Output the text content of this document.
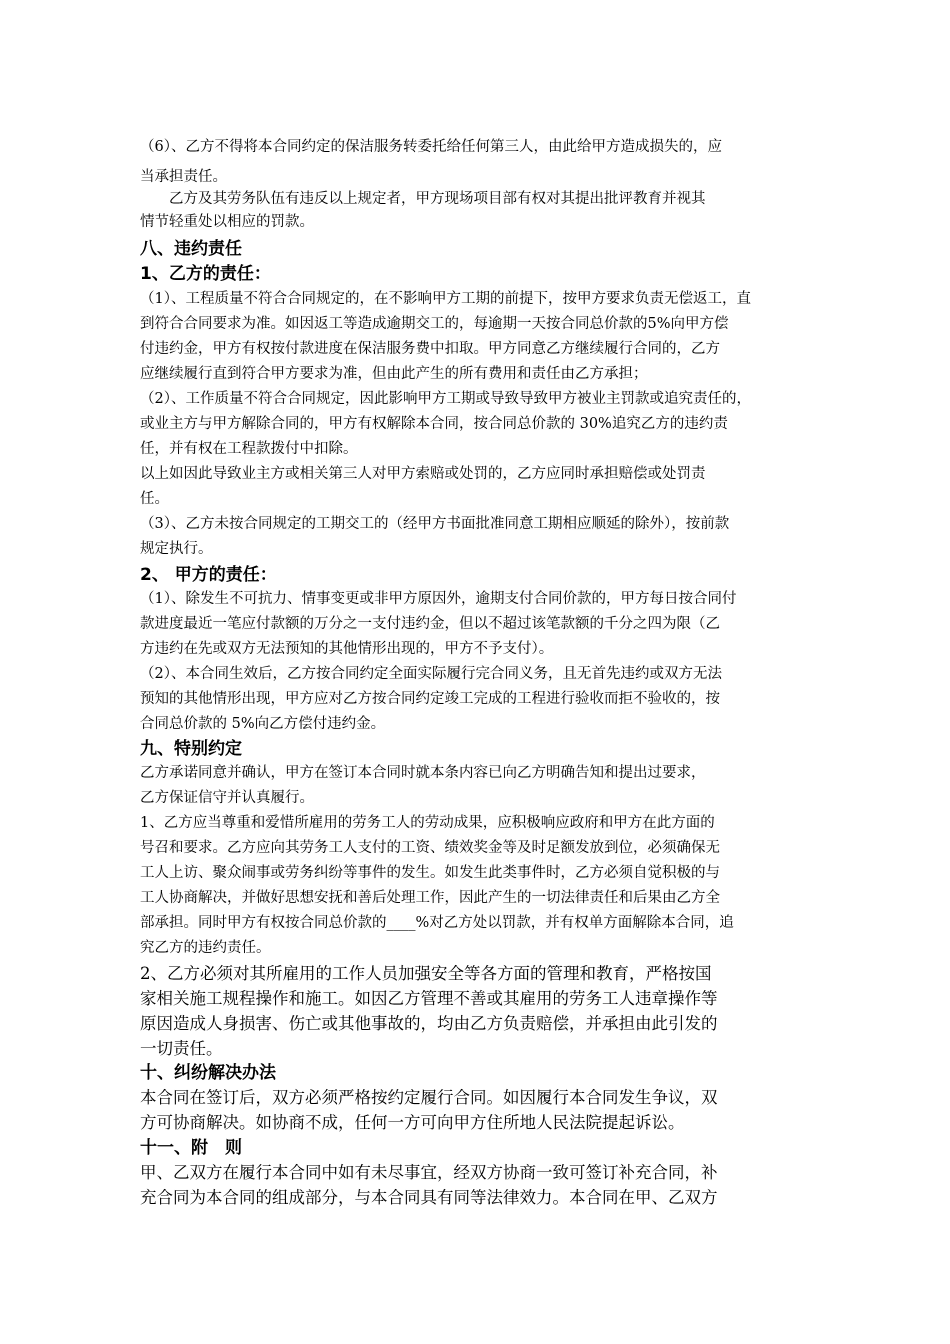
（6）、乙方不得将本合同约定的保洁服务转委托给任何第三人，由此给甲方造成损失的，应
当承担责任。
　　乙方及其劳务队伍有违反以上规定者，甲方现场项目部有权对其提出批评教育并视其
情节轻重处以相应的罚款。
八、违约责任
1、乙方的责任：
（1）、工程质量不符合合同规定的，在不影响甲方工期的前提下，按甲方要求负责无偿返工，直
到符合合同要求为准。如因返工等造成逾期交工的，每逾期一天按合同总价款的5%向甲方偿
付违约金，甲方有权按付款进度在保洁服务费中扣取。甲方同意乙方继续履行合同的，乙方
应继续履行直到符合甲方要求为准，但由此产生的所有费用和责任由乙方承担；
（2）、工作质量不符合合同规定，因此影响甲方工期或导致导致甲方被业主罚款或追究责任的，
或业主方与甲方解除合同的，甲方有权解除本合同，按合同总价款的 30%追究乙方的违约责
任，并有权在工程款拨付中扣除。
以上如因此导致业主方或相关第三人对甲方索赔或处罚的，乙方应同时承担赔偿或处罚责
任。
（3）、乙方未按合同规定的工期交工的（经甲方书面批准同意工期相应顺延的除外），按前款
规定执行。
2、 甲方的责任：
（1）、除发生不可抗力、情事变更或非甲方原因外，逾期支付合同价款的，甲方每日按合同付
款进度最近一笔应付款额的万分之一支付违约金，但以不超过该笔款额的千分之四为限（乙
方违约在先或双方无法预知的其他情形出现的，甲方不予支付）。
（2）、本合同生效后，乙方按合同约定全面实际履行完合同义务，且无首先违约或双方无法
预知的其他情形出现，甲方应对乙方按合同约定竣工完成的工程进行验收而拒不验收的，按
合同总价款的 5%向乙方偿付违约金。
九、特别约定
乙方承诺同意并确认，甲方在签订本合同时就本条内容已向乙方明确告知和提出过要求，
乙方保证信守并认真履行。
1、乙方应当尊重和爱惜所雇用的劳务工人的劳动成果，应积极响应政府和甲方在此方面的
号召和要求。乙方应向其劳务工人支付的工资、绩效奖金等及时足额发放到位，必须确保无
工人上访、聚众闹事或劳务纠纷等事件的发生。如发生此类事件时，乙方必须自觉积极的与
工人协商解决，并做好思想安抚和善后处理工作，因此产生的一切法律责任和后果由乙方全
部承担。同时甲方有权按合同总价款的____%对乙方处以罚款，并有权单方面解除本合同，追
究乙方的违约责任。
2、乙方必须对其所雇用的工作人员加强安全等各方面的管理和教育，严格按国
家相关施工规程操作和施工。如因乙方管理不善或其雇用的劳务工人违章操作等
原因造成人身损害、伤亡或其他事故的，均由乙方负责赔偿，并承担由此引发的
一切责任。
十、纠纷解决办法
本合同在签订后，双方必须严格按约定履行合同。如因履行本合同发生争议，双
方可协商解决。如协商不成，任何一方可向甲方住所地人民法院提起诉讼。
十一、附　则
甲、乙双方在履行本合同中如有未尽事宜，经双方协商一致可签订补充合同，补
充合同为本合同的组成部分，与本合同具有同等法律效力。本合同在甲、乙双方
